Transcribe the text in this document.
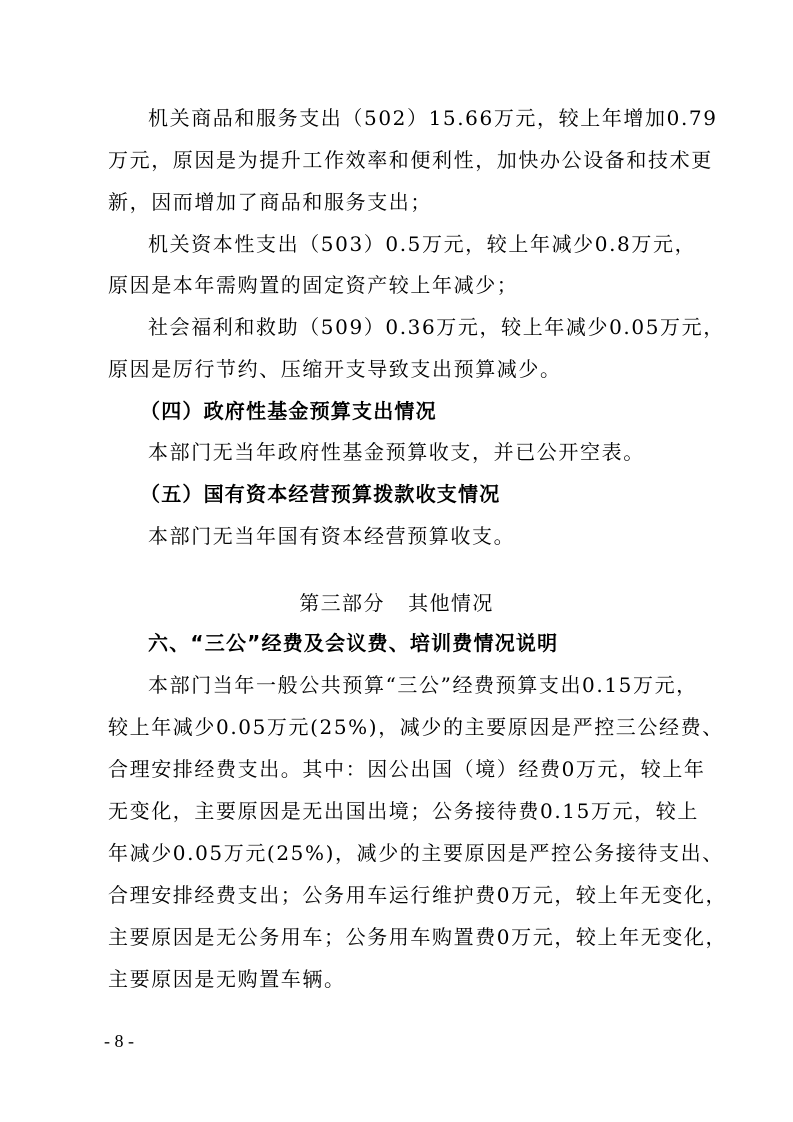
机关商品和服务支出（502）15.66万元，较上年增加0.79
万元，原因是为提升工作效率和便利性，加快办公设备和技术更
新，因而增加了商品和服务支出；
机关资本性支出（503）0.5万元，较上年减少0.8万元，
原因是本年需购置的固定资产较上年减少；
社会福利和救助（509）0.36万元，较上年减少0.05万元，
原因是厉行节约、压缩开支导致支出预算减少。
（四）政府性基金预算支出情况
本部门无当年政府性基金预算收支，并已公开空表。
（五）国有资本经营预算拨款收支情况
本部门无当年国有资本经营预算收支。
第三部分   其他情况
六、“三公”经费及会议费、培训费情况说明
本部门当年一般公共预算“三公”经费预算支出0.15万元，
较上年减少0.05万元(25%)，减少的主要原因是严控三公经费、
合理安排经费支出。其中：因公出国（境）经费0万元，较上年
无变化，主要原因是无出国出境；公务接待费0.15万元，较上
年减少0.05万元(25%)，减少的主要原因是严控公务接待支出、
合理安排经费支出；公务用车运行维护费0万元，较上年无变化，
主要原因是无公务用车；公务用车购置费0万元，较上年无变化，
主要原因是无购置车辆。
- 8 -
